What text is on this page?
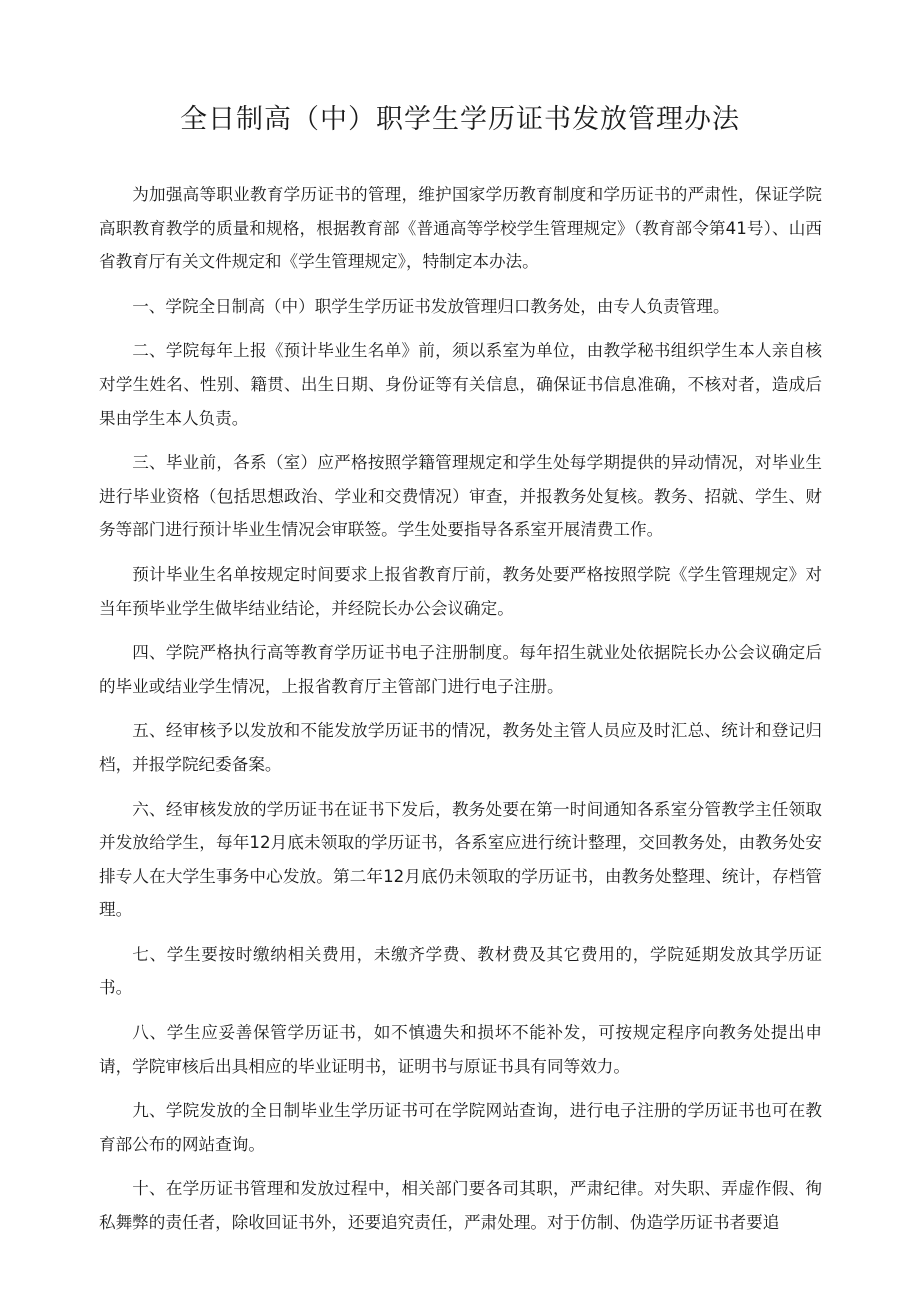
全日制高（中）职学生学历证书发放管理办法

为加强高等职业教育学历证书的管理，维护国家学历教育制度和学历证书的严肃性，保证学院高职教育教学的质量和规格，根据教育部《普通高等学校学生管理规定》（教育部令第41号）、山西省教育厅有关文件规定和《学生管理规定》，特制定本办法。

一、学院全日制高（中）职学生学历证书发放管理归口教务处，由专人负责管理。

二、学院每年上报《预计毕业生名单》前，须以系室为单位，由教学秘书组织学生本人亲自核对学生姓名、性别、籍贯、出生日期、身份证等有关信息，确保证书信息准确，不核对者，造成后果由学生本人负责。

三、毕业前，各系（室）应严格按照学籍管理规定和学生处每学期提供的异动情况，对毕业生进行毕业资格（包括思想政治、学业和交费情况）审查，并报教务处复核。教务、招就、学生、财务等部门进行预计毕业生情况会审联签。学生处要指导各系室开展清费工作。

预计毕业生名单按规定时间要求上报省教育厅前，教务处要严格按照学院《学生管理规定》对当年预毕业学生做毕结业结论，并经院长办公会议确定。

四、学院严格执行高等教育学历证书电子注册制度。每年招生就业处依据院长办公会议确定后的毕业或结业学生情况，上报省教育厅主管部门进行电子注册。

五、经审核予以发放和不能发放学历证书的情况，教务处主管人员应及时汇总、统计和登记归档，并报学院纪委备案。

六、经审核发放的学历证书在证书下发后，教务处要在第一时间通知各系室分管教学主任领取并发放给学生，每年12月底未领取的学历证书，各系室应进行统计整理，交回教务处，由教务处安排专人在大学生事务中心发放。第二年12月底仍未领取的学历证书，由教务处整理、统计，存档管理。

七、学生要按时缴纳相关费用，未缴齐学费、教材费及其它费用的，学院延期发放其学历证书。

八、学生应妥善保管学历证书，如不慎遗失和损坏不能补发，可按规定程序向教务处提出申请，学院审核后出具相应的毕业证明书，证明书与原证书具有同等效力。

九、学院发放的全日制毕业生学历证书可在学院网站查询，进行电子注册的学历证书也可在教育部公布的网站查询。

十、在学历证书管理和发放过程中，相关部门要各司其职，严肃纪律。对失职、弄虚作假、徇私舞弊的责任者，除收回证书外，还要追究责任，严肃处理。对于仿制、伪造学历证书者要追
